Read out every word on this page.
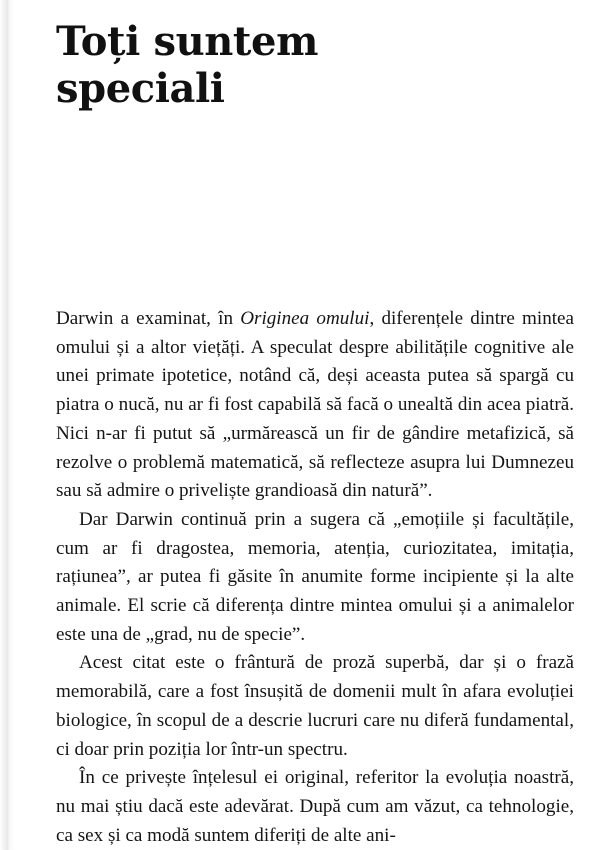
Toți suntem
speciali

Darwin a examinat, în Originea omului, diferențele dintre mintea omului și a altor viețăți. A speculat despre abilitățile cognitive ale unei primate ipotetice, notând că, deși aceasta putea să spargă cu piatra o nucă, nu ar fi fost capabilă să facă o unealtă din acea piatră. Nici n-ar fi putut să „urmărească un fir de gândire metafizică, să rezolve o problemă matematică, să reflecteze asupra lui Dumnezeu sau să admire o priveliște grandioasă din natură”.

Dar Darwin continuă prin a sugera că „emoțiile și facultățile, cum ar fi dragostea, memoria, atenția, curiozitatea, imitația, rațiunea”, ar putea fi găsite în anumite forme incipiente și la alte animale. El scrie că diferența dintre mintea omului și a animalelor este una de „grad, nu de specie”.

Acest citat este o frântură de proză superbă, dar și o frază memorabilă, care a fost însușită de domenii mult în afara evoluției biologice, în scopul de a descrie lucruri care nu diferă fundamental, ci doar prin poziția lor într-un spectru.

În ce privește înțelesul ei original, referitor la evoluția noastră, nu mai știu dacă este adevărat. După cum am văzut, ca tehnologie, ca sex și ca modă suntem diferiți de alte ani-
